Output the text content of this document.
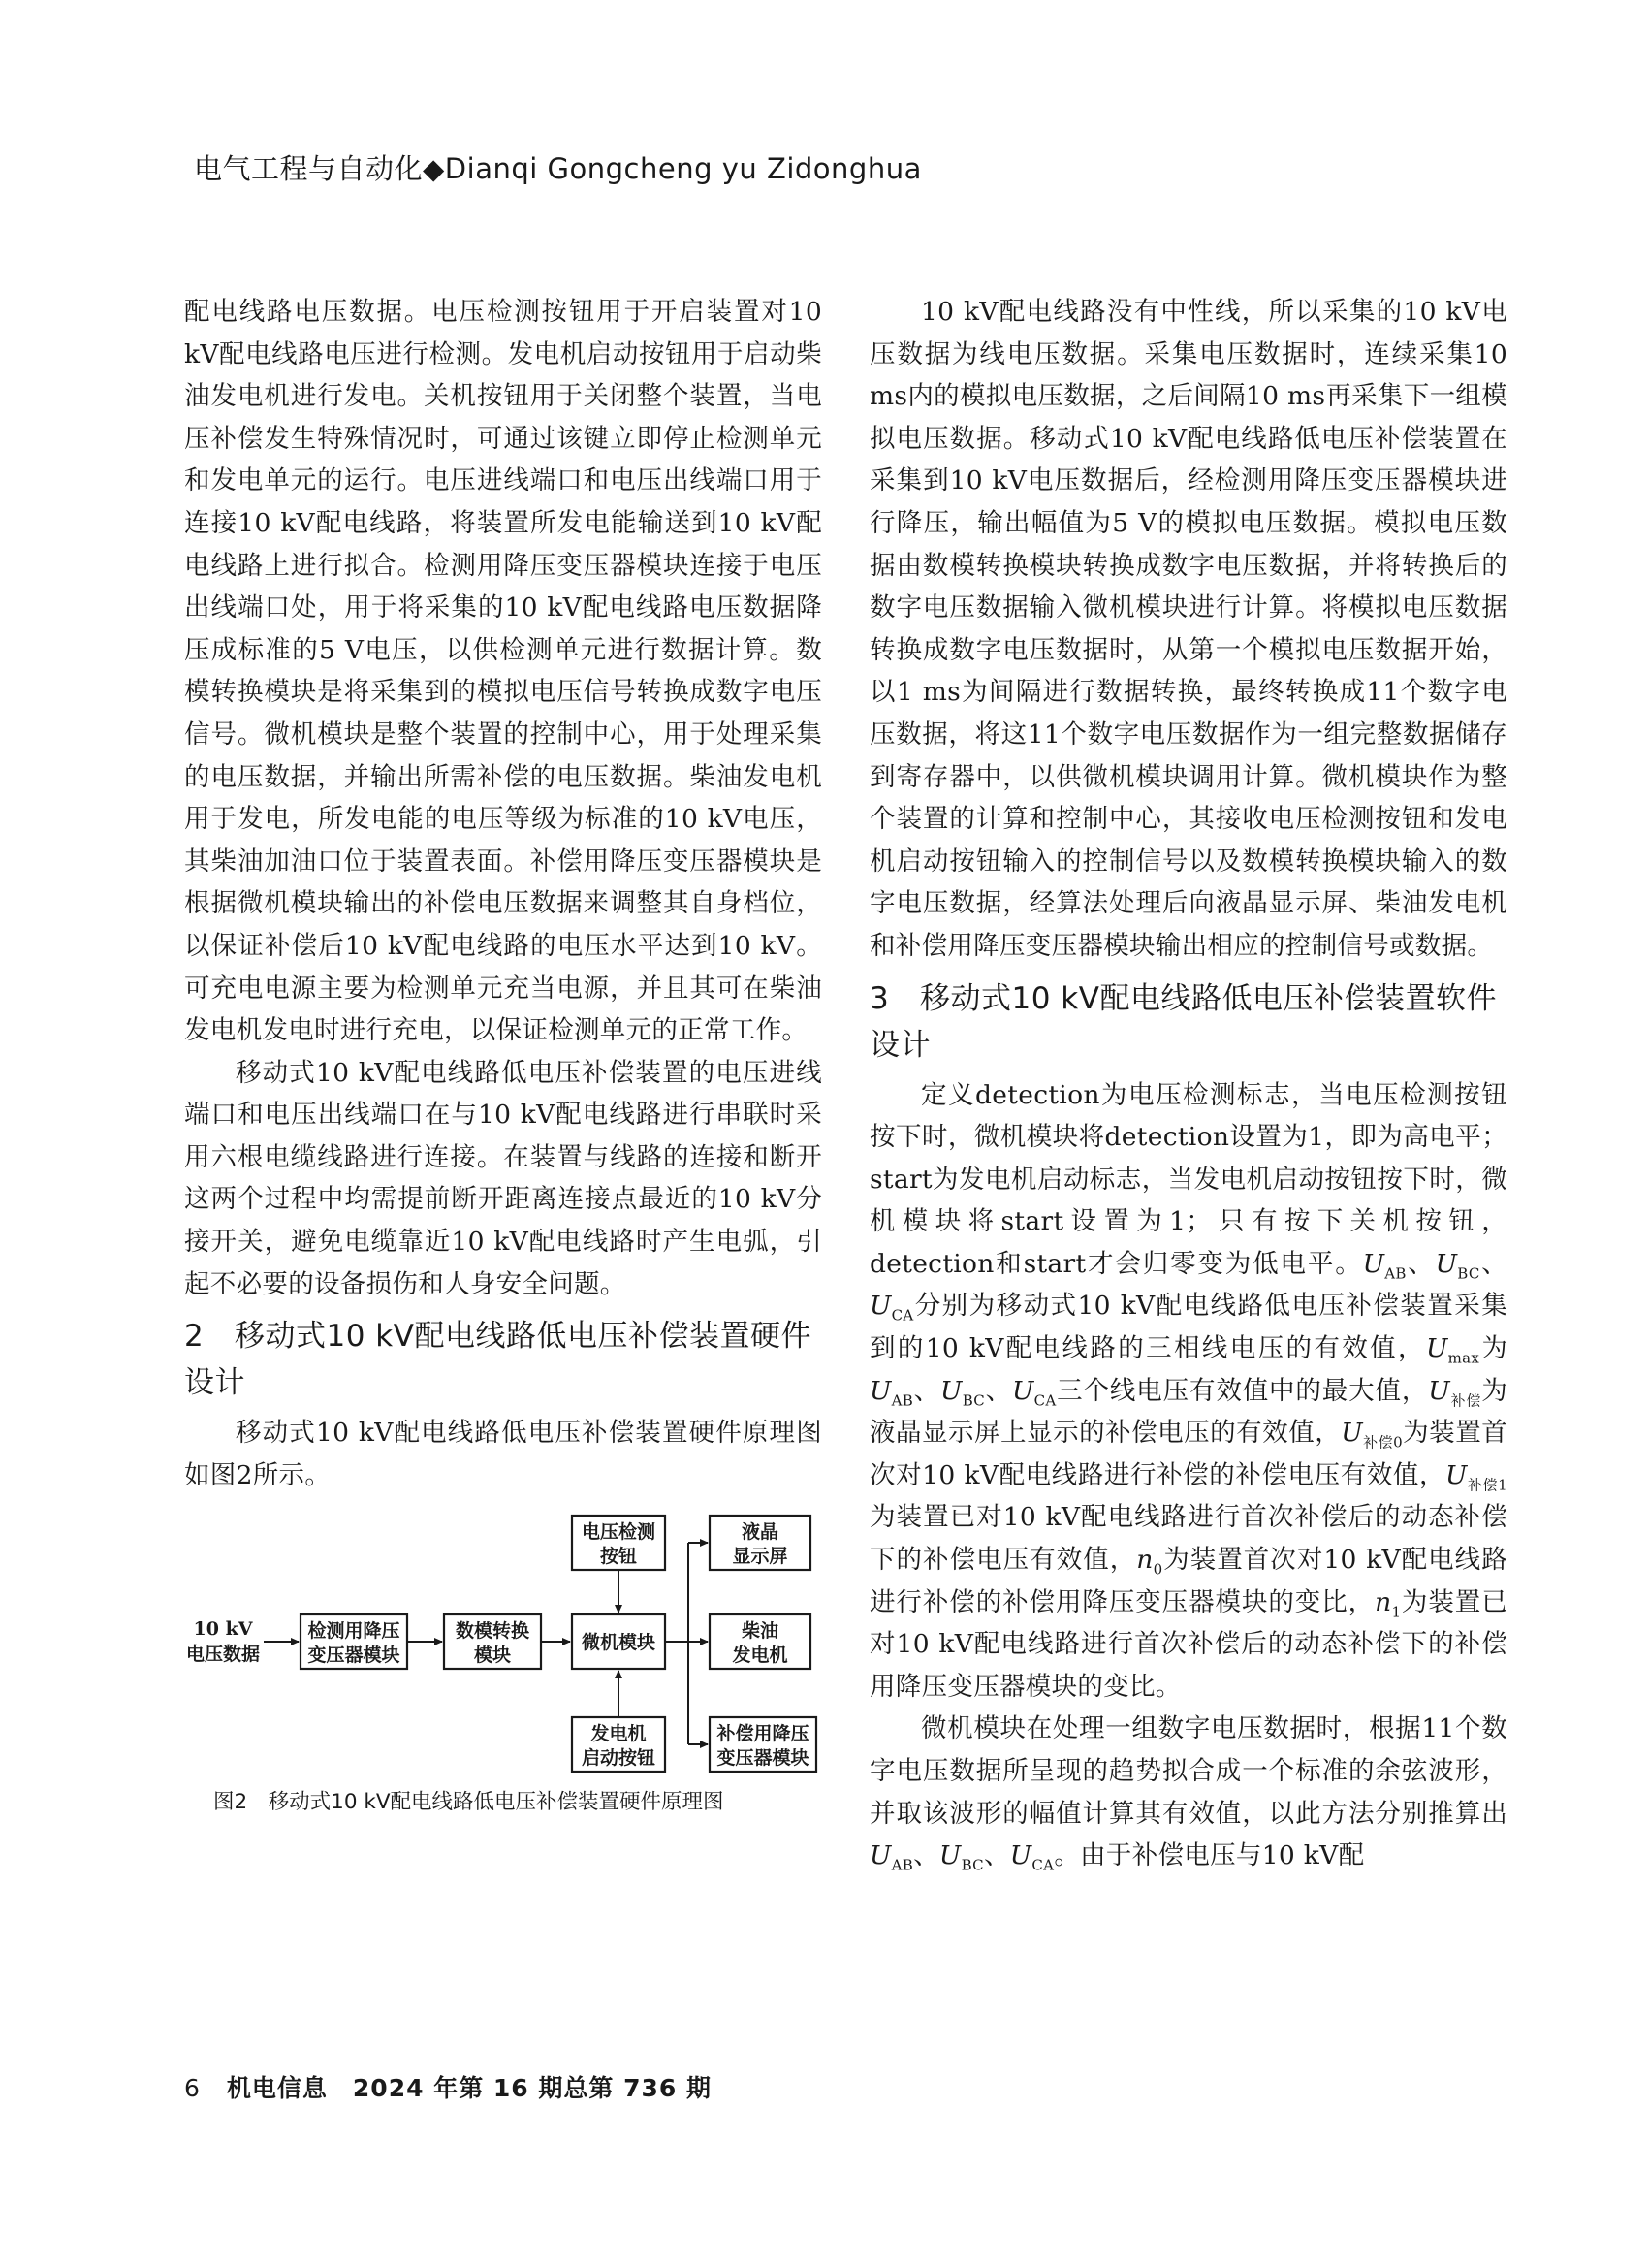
电气工程与自动化◆Dianqi Gongcheng yu Zidonghua

配电线路电压数据。电压检测按钮用于开启装置对10 kV配电线路电压进行检测。发电机启动按钮用于启动柴油发电机进行发电。关机按钮用于关闭整个装置，当电压补偿发生特殊情况时，可通过该键立即停止检测单元和发电单元的运行。电压进线端口和电压出线端口用于连接10 kV配电线路，将装置所发电能输送到10 kV配电线路上进行拟合。检测用降压变压器模块连接于电压出线端口处，用于将采集的10 kV配电线路电压数据降压成标准的5 V电压，以供检测单元进行数据计算。数模转换模块是将采集到的模拟电压信号转换成数字电压信号。微机模块是整个装置的控制中心，用于处理采集的电压数据，并输出所需补偿的电压数据。柴油发电机用于发电，所发电能的电压等级为标准的10 kV电压，其柴油加油口位于装置表面。补偿用降压变压器模块是根据微机模块输出的补偿电压数据来调整其自身档位，以保证补偿后10 kV配电线路的电压水平达到10 kV。可充电电源主要为检测单元充当电源，并且其可在柴油发电机发电时进行充电，以保证检测单元的正常工作。

移动式10 kV配电线路低电压补偿装置的电压进线端口和电压出线端口在与10 kV配电线路进行串联时采用六根电缆线路进行连接。在装置与线路的连接和断开这两个过程中均需提前断开距离连接点最近的10 kV分接开关，避免电缆靠近10 kV配电线路时产生电弧，引起不必要的设备损伤和人身安全问题。

2 移动式10 kV配电线路低电压补偿装置硬件设计

移动式10 kV配电线路低电压补偿装置硬件原理图如图2所示。

10 kV
电压数据
检测用降压
变压器模块
数模转换
模块
微机模块
电压检测
按钮
发电机
启动按钮
液晶
显示屏
柴油
发电机
补偿用降压
变压器模块
图2　移动式10 kV配电线路低电压补偿装置硬件原理图

10 kV配电线路没有中性线，所以采集的10 kV电压数据为线电压数据。采集电压数据时，连续采集10 ms内的模拟电压数据，之后间隔10 ms再采集下一组模拟电压数据。移动式10 kV配电线路低电压补偿装置在采集到10 kV电压数据后，经检测用降压变压器模块进行降压，输出幅值为5 V的模拟电压数据。模拟电压数据由数模转换模块转换成数字电压数据，并将转换后的数字电压数据输入微机模块进行计算。将模拟电压数据转换成数字电压数据时，从第一个模拟电压数据开始，以1 ms为间隔进行数据转换，最终转换成11个数字电压数据，将这11个数字电压数据作为一组完整数据储存到寄存器中，以供微机模块调用计算。微机模块作为整个装置的计算和控制中心，其接收电压检测按钮和发电机启动按钮输入的控制信号以及数模转换模块输入的数字电压数据，经算法处理后向液晶显示屏、柴油发电机和补偿用降压变压器模块输出相应的控制信号或数据。

3 移动式10 kV配电线路低电压补偿装置软件设计

定义detection为电压检测标志，当电压检测按钮按下时，微机模块将detection设置为1，即为高电平；start为发电机启动标志，当发电机启动按钮按下时，微机模块将start设置为1；只有按下关机按钮，detection和start才会归零变为低电平。$U_{AB}$、$U_{BC}$、$U_{CA}$分别为移动式10 kV配电线路低电压补偿装置采集到的10 kV配电线路的三相线电压的有效值，$U_{max}$为$U_{AB}$、$U_{BC}$、$U_{CA}$三个线电压有效值中的最大值，$U_{补偿}$为液晶显示屏上显示的补偿电压的有效值，$U_{补偿0}$为装置首次对10 kV配电线路进行补偿的补偿电压有效值，$U_{补偿1}$为装置已对10 kV配电线路进行首次补偿后的动态补偿下的补偿电压有效值，$n_0$为装置首次对10 kV配电线路进行补偿的补偿用降压变压器模块的变比，$n_1$为装置已对10 kV配电线路进行首次补偿后的动态补偿下的补偿用降压变压器模块的变比。

微机模块在处理一组数字电压数据时，根据11个数字电压数据所呈现的趋势拟合成一个标准的余弦波形，并取该波形的幅值计算其有效值，以此方法分别推算出$U_{AB}$、$U_{BC}$、$U_{CA}$。由于补偿电压与10 kV配

6 机电信息　2024 年第 16 期总第 736 期
